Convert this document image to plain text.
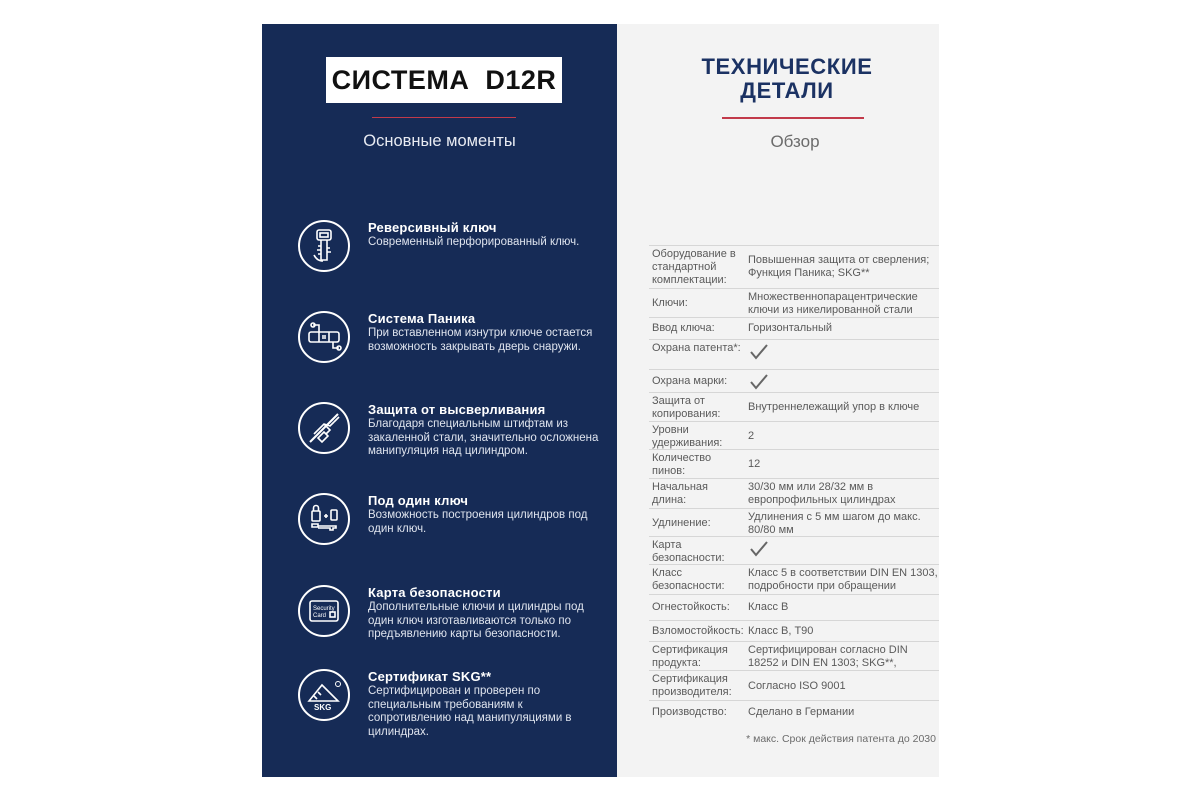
СИСТЕМА  D12R
Основные моменты
Реверсивный ключ
Современный перфорированный ключ.
Система Паника
При вставленном изнутри ключе остается возможность закрывать дверь снаружи.
Защита от высверливания
Благодаря специальным штифтам из закаленной стали, значительно осложнена манипуляция над цилиндром.
Под один ключ
Возможность построения цилиндров под один ключ.
Security
Card
Карта безопасности
Дополнительные ключи и цилиндры под один ключ изготавливаются только по предъявлению карты безопасности.
SKG
Сертификат SKG**
Сертифицирован и проверен по специальным требованиям к сопротивлению над манипуляциями в цилиндрах.
ТЕХНИЧЕСКИЕ ДЕТАЛИ
Обзор
Оборудование в стандартной комплектации:
Повышенная защита от сверления; Функция Паника; SKG**
Ключи:	Множественнопарацентрические ключи из никелированной стали
Ввод ключа:	Горизонтальный
Охрана патента*:
Охрана марки:
Защита от копирования:
Внутреннележащий упор в ключе
Уровни удерживания:
2
Количество пинов:
12
Начальная длина:
30/30 мм или 28/32 мм в европрофильных цилиндрах
Удлинение:	Удлинения с 5 мм шагом до макс. 80/80 мм
Карта безопасности:
Класс безопасности:
Класс 5 в соответствии DIN EN 1303, подробности при обращении
Огнестойкость:	Класс В
Взломостойкость: Класс В, Т90
Сертификация продукта:
Сертифицирован согласно DIN 18252 и DIN EN 1303; SKG**,
Сертификация производителя:	Согласно ISO 9001
Производство:	Сделано в Германии
* макс. Срок действия патента до 2030
